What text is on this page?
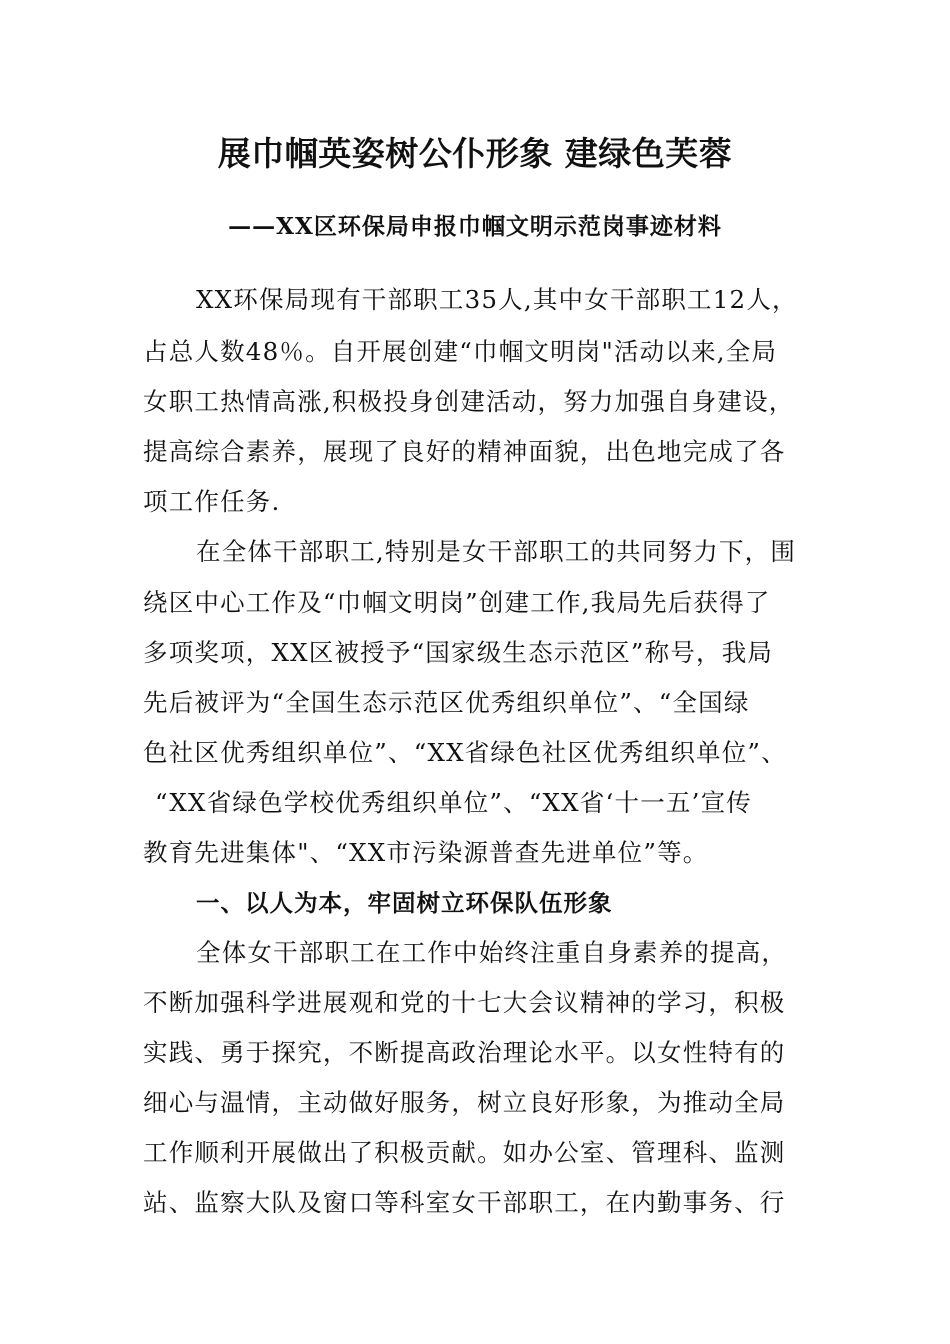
展巾帼英姿树公仆形象 建绿色芙蓉
——XX区环保局申报巾帼文明示范岗事迹材料
XX环保局现有干部职工35人,其中女干部职工12人，
占总人数48％。自开展创建“巾帼文明岗"活动以来,全局
女职工热情高涨,积极投身创建活动，努力加强自身建设，
提高综合素养，展现了良好的精神面貌，出色地完成了各
项工作任务.
在全体干部职工,特别是女干部职工的共同努力下，围
绕区中心工作及“巾帼文明岗”创建工作,我局先后获得了
多项奖项，XX区被授予“国家级生态示范区”称号，我局
先后被评为“全国生态示范区优秀组织单位”、“全国绿
色社区优秀组织单位”、“XX省绿色社区优秀组织单位”、
“XX省绿色学校优秀组织单位”、“XX省‘十一五’宣传
教育先进集体"、“XX市污染源普查先进单位”等。
一、以人为本，牢固树立环保队伍形象
全体女干部职工在工作中始终注重自身素养的提高，
不断加强科学进展观和党的十七大会议精神的学习，积极
实践、勇于探究，不断提高政治理论水平。以女性特有的
细心与温情，主动做好服务，树立良好形象，为推动全局
工作顺利开展做出了积极贡献。如办公室、管理科、监测
站、监察大队及窗口等科室女干部职工，在内勤事务、行
